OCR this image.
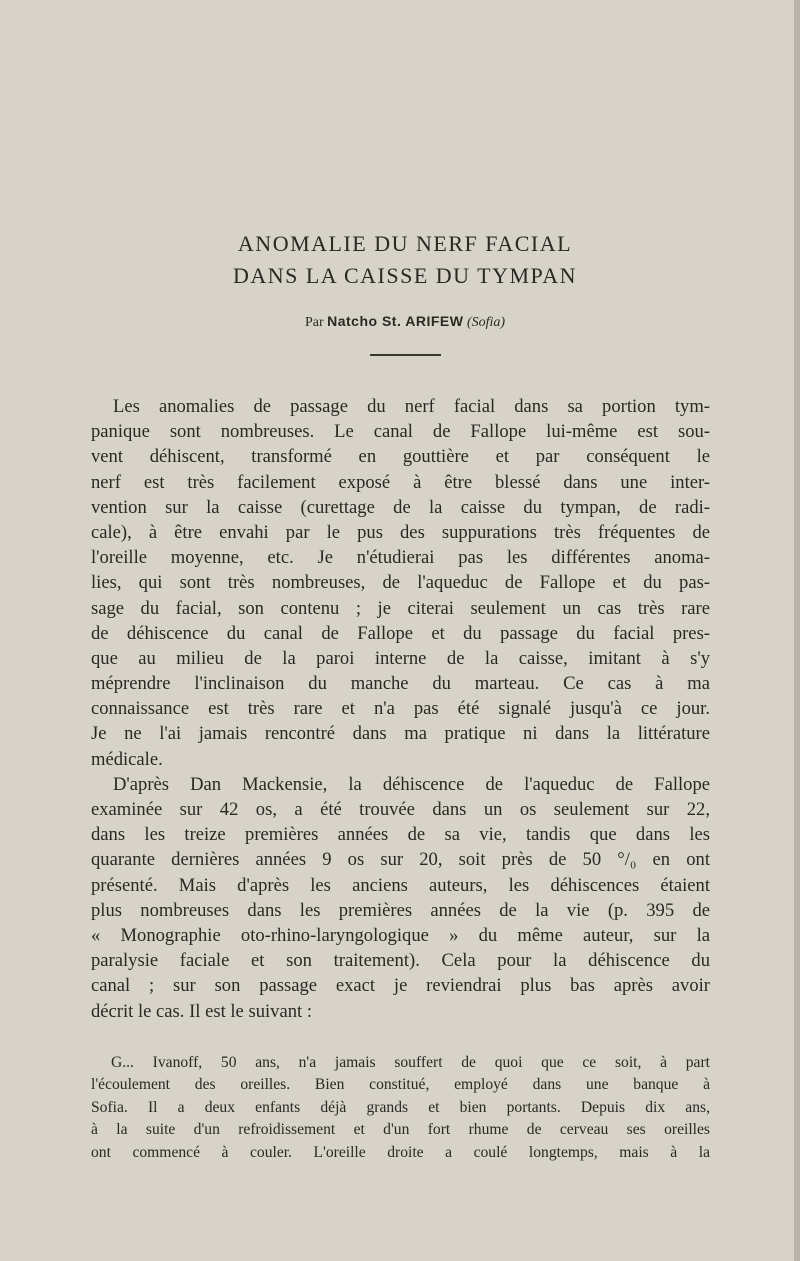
ANOMALIE DU NERF FACIAL
DANS LA CAISSE DU TYMPAN
Par Natcho St. ARIFEW (Sofia)
Les anomalies de passage du nerf facial dans sa portion tym-
panique sont nombreuses. Le canal de Fallope lui-même est sou-
vent déhiscent, transformé en gouttière et par conséquent le
nerf est très facilement exposé à être blessé dans une inter-
vention sur la caisse (curettage de la caisse du tympan, de radi-
cale), à être envahi par le pus des suppurations très fréquentes de
l'oreille moyenne, etc. Je n'étudierai pas les différentes anoma-
lies, qui sont très nombreuses, de l'aqueduc de Fallope et du pas-
sage du facial, son contenu ; je citerai seulement un cas très rare
de déhiscence du canal de Fallope et du passage du facial pres-
que au milieu de la paroi interne de la caisse, imitant à s'y
méprendre l'inclinaison du manche du marteau. Ce cas à ma
connaissance est très rare et n'a pas été signalé jusqu'à ce jour.
Je ne l'ai jamais rencontré dans ma pratique ni dans la littérature
médicale.
D'après Dan Mackensie, la déhiscence de l'aqueduc de Fallope
examinée sur 42 os, a été trouvée dans un os seulement sur 22,
dans les treize premières années de sa vie, tandis que dans les
quarante dernières années 9 os sur 20, soit près de 50 °/₀ en ont
présenté. Mais d'après les anciens auteurs, les déhiscences étaient
plus nombreuses dans les premières années de la vie (p. 395 de
« Monographie oto-rhino-laryngologique » du même auteur, sur la
paralysie faciale et son traitement). Cela pour la déhiscence du
canal ; sur son passage exact je reviendrai plus bas après avoir
décrit le cas. Il est le suivant :
G... Ivanoff, 50 ans, n'a jamais souffert de quoi que ce soit, à part
l'écoulement des oreilles. Bien constitué, employé dans une banque à
Sofia. Il a deux enfants déjà grands et bien portants. Depuis dix ans,
à la suite d'un refroidissement et d'un fort rhume de cerveau ses oreilles
ont commencé à couler. L'oreille droite a coulé longtemps, mais à la
